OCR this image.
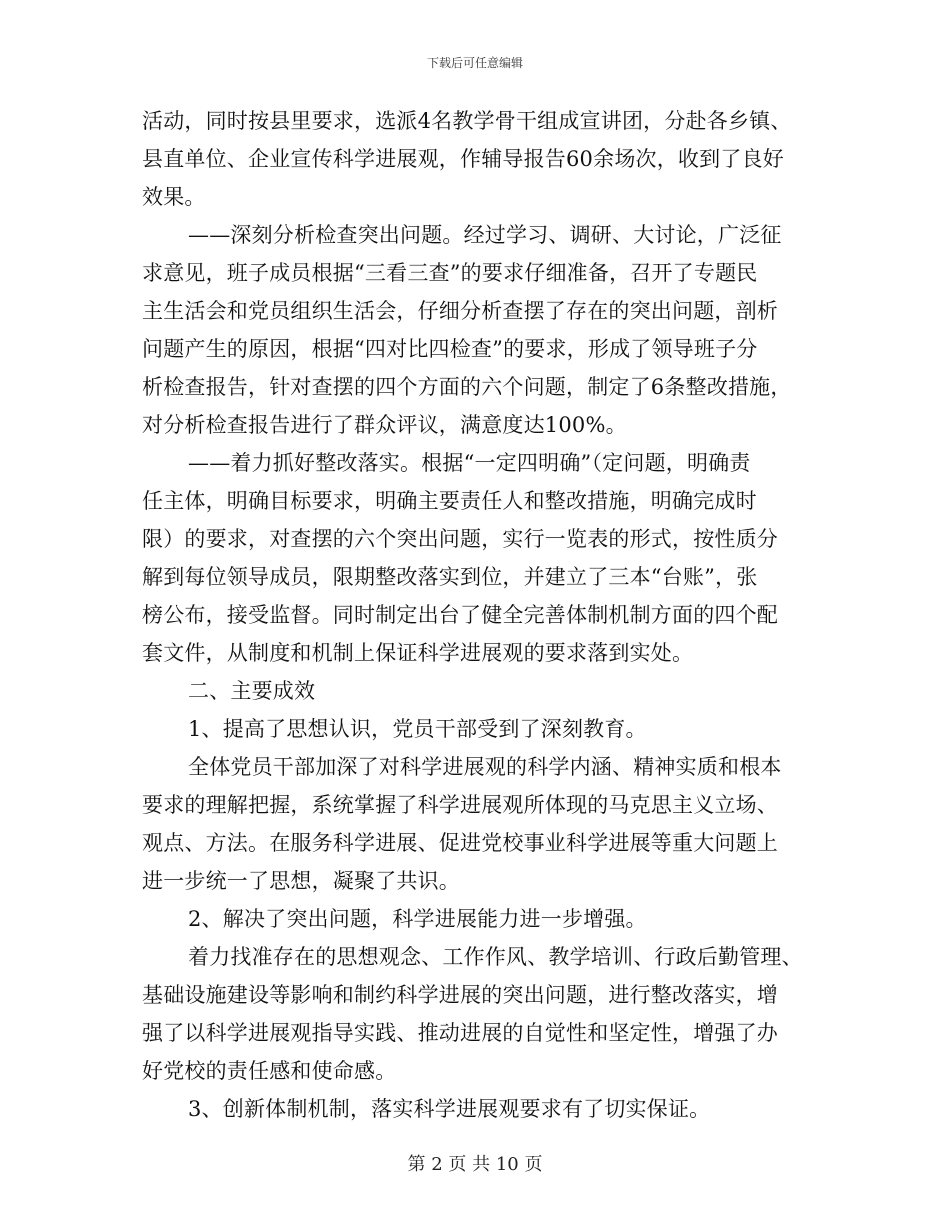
下载后可任意编辑
活动，同时按县里要求，选派4名教学骨干组成宣讲团，分赴各乡镇、
县直单位、企业宣传科学进展观，作辅导报告60余场次，收到了良好
效果。
——深刻分析检查突出问题。经过学习、调研、大讨论，广泛征
求意见，班子成员根据“三看三查”的要求仔细准备，召开了专题民
主生活会和党员组织生活会，仔细分析查摆了存在的突出问题，剖析
问题产生的原因，根据“四对比四检查”的要求，形成了领导班子分
析检查报告，针对查摆的四个方面的六个问题，制定了6条整改措施，
对分析检查报告进行了群众评议，满意度达100%。
——着力抓好整改落实。根据“一定四明确”（定问题，明确责
任主体，明确目标要求，明确主要责任人和整改措施，明确完成时
限）的要求，对查摆的六个突出问题，实行一览表的形式，按性质分
解到每位领导成员，限期整改落实到位，并建立了三本“台账”，张
榜公布，接受监督。同时制定出台了健全完善体制机制方面的四个配
套文件，从制度和机制上保证科学进展观的要求落到实处。
二、主要成效
1、提高了思想认识，党员干部受到了深刻教育。
全体党员干部加深了对科学进展观的科学内涵、精神实质和根本
要求的理解把握，系统掌握了科学进展观所体现的马克思主义立场、
观点、方法。在服务科学进展、促进党校事业科学进展等重大问题上
进一步统一了思想，凝聚了共识。
2、解决了突出问题，科学进展能力进一步增强。
着力找准存在的思想观念、工作作风、教学培训、行政后勤管理、
基础设施建设等影响和制约科学进展的突出问题，进行整改落实，增
强了以科学进展观指导实践、推动进展的自觉性和坚定性，增强了办
好党校的责任感和使命感。
3、创新体制机制，落实科学进展观要求有了切实保证。
第 2 页 共 10 页
